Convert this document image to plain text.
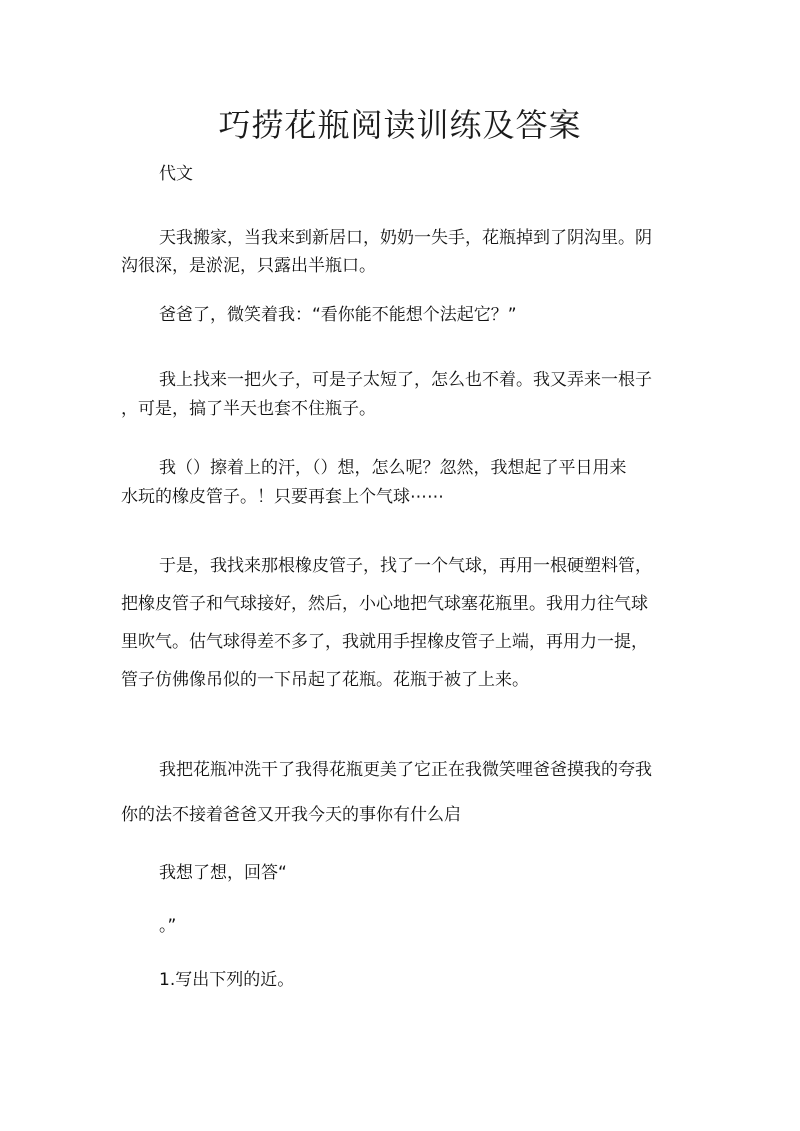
巧捞花瓶阅读训练及答案
代文
天我搬家，当我来到新居口，奶奶一失手，花瓶掉到了阴沟里。阴
沟很深，是淤泥，只露出半瓶口。
爸爸了，微笑着我：“看你能不能想个法起它？”
我上找来一把火子，可是子太短了，怎么也不着。我又弄来一根子
，可是，搞了半天也套不住瓶子。
我（）擦着上的汗，（）想，怎么呢？忽然，我想起了平日用来
水玩的橡皮管子。！只要再套上个气球⋯⋯
于是，我找来那根橡皮管子，找了一个气球，再用一根硬塑料管，
把橡皮管子和气球接好，然后，小心地把气球塞花瓶里。我用力往气球
里吹气。估气球得差不多了，我就用手捏橡皮管子上端，再用力一提，
管子仿佛像吊似的一下吊起了花瓶。花瓶于被了上来。
我把花瓶冲洗干了我得花瓶更美了它正在我微笑哩爸爸摸我的夸我
你的法不接着爸爸又开我今天的事你有什么启
我想了想，回答“
。”
1.写出下列的近。
